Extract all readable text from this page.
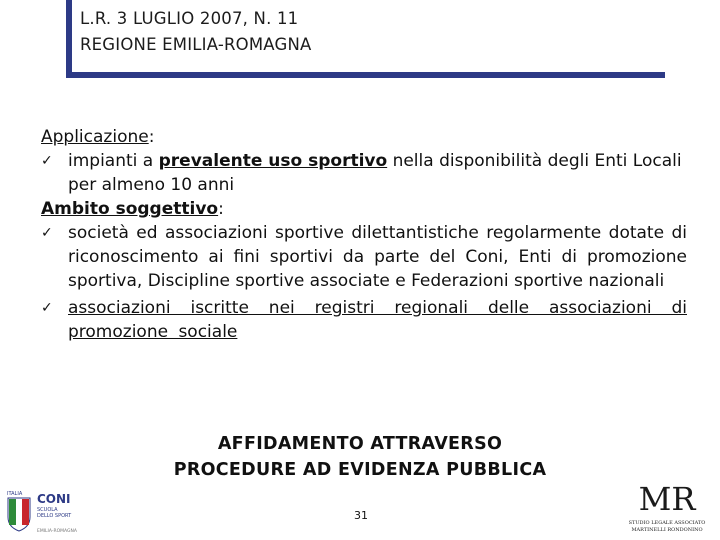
L.R. 3 LUGLIO 2007, N. 11
REGIONE EMILIA-ROMAGNA
Applicazione:
✓ impianti a prevalente uso sportivo nella disponibilità degli Enti Locali per almeno 10 anni
Ambito soggettivo:
✓ società ed associazioni sportive dilettantistiche regolarmente dotate di riconoscimento ai fini sportivi da parte del Coni, Enti di promozione sportiva, Discipline sportive associate e Federazioni sportive nazionali
✓ associazioni iscritte nei registri regionali delle associazioni di promozione sociale
AFFIDAMENTO ATTRAVERSO
PROCEDURE AD EVIDENZA PUBBLICA
ITALIA CONI
SCUOLA
DELLO SPORT
EMILIA-ROMAGNA
31	MR
STUDIO LEGALE ASSOCIATO
MARTINELLI RONDONINO
